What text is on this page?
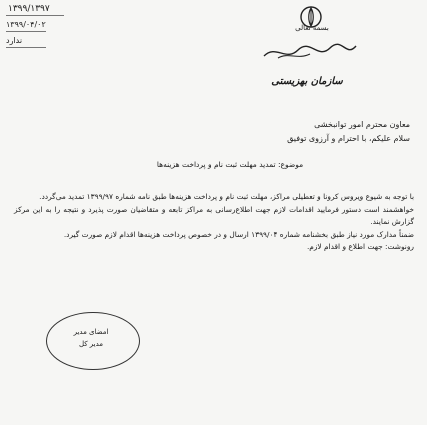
۱۳۹۹/۱۳۹۷
۱۳۹۹/۰۴/۰۲
ندارد
بسمه تعالی
سازمان بهزیستی
معاون محترم امور توانبخشی
سلام علیکم، با احترام و آرزوی توفیق
موضوع: تمدید مهلت ثبت نام و پرداخت هزینه‌ها

با توجه به شیوع ویروس کرونا و تعطیلی مراکز، مهلت ثبت نام و پرداخت هزینه‌ها طبق نامه شماره ۱۳۹۹/۹۷ تمدید می‌گردد.

خواهشمند است دستور فرمایید اقدامات لازم جهت اطلاع‌رسانی به مراکز تابعه و متقاضیان صورت پذیرد و نتیجه را به این مرکز گزارش نمایند.

ضمناً مدارک مورد نیاز طبق بخشنامه شماره ۱۳۹۹/۰۴ ارسال و در خصوص پرداخت هزینه‌ها اقدام لازم صورت گیرد.

رونوشت: جهت اطلاع و اقدام لازم.

امضای مدیر
مدیر کل
